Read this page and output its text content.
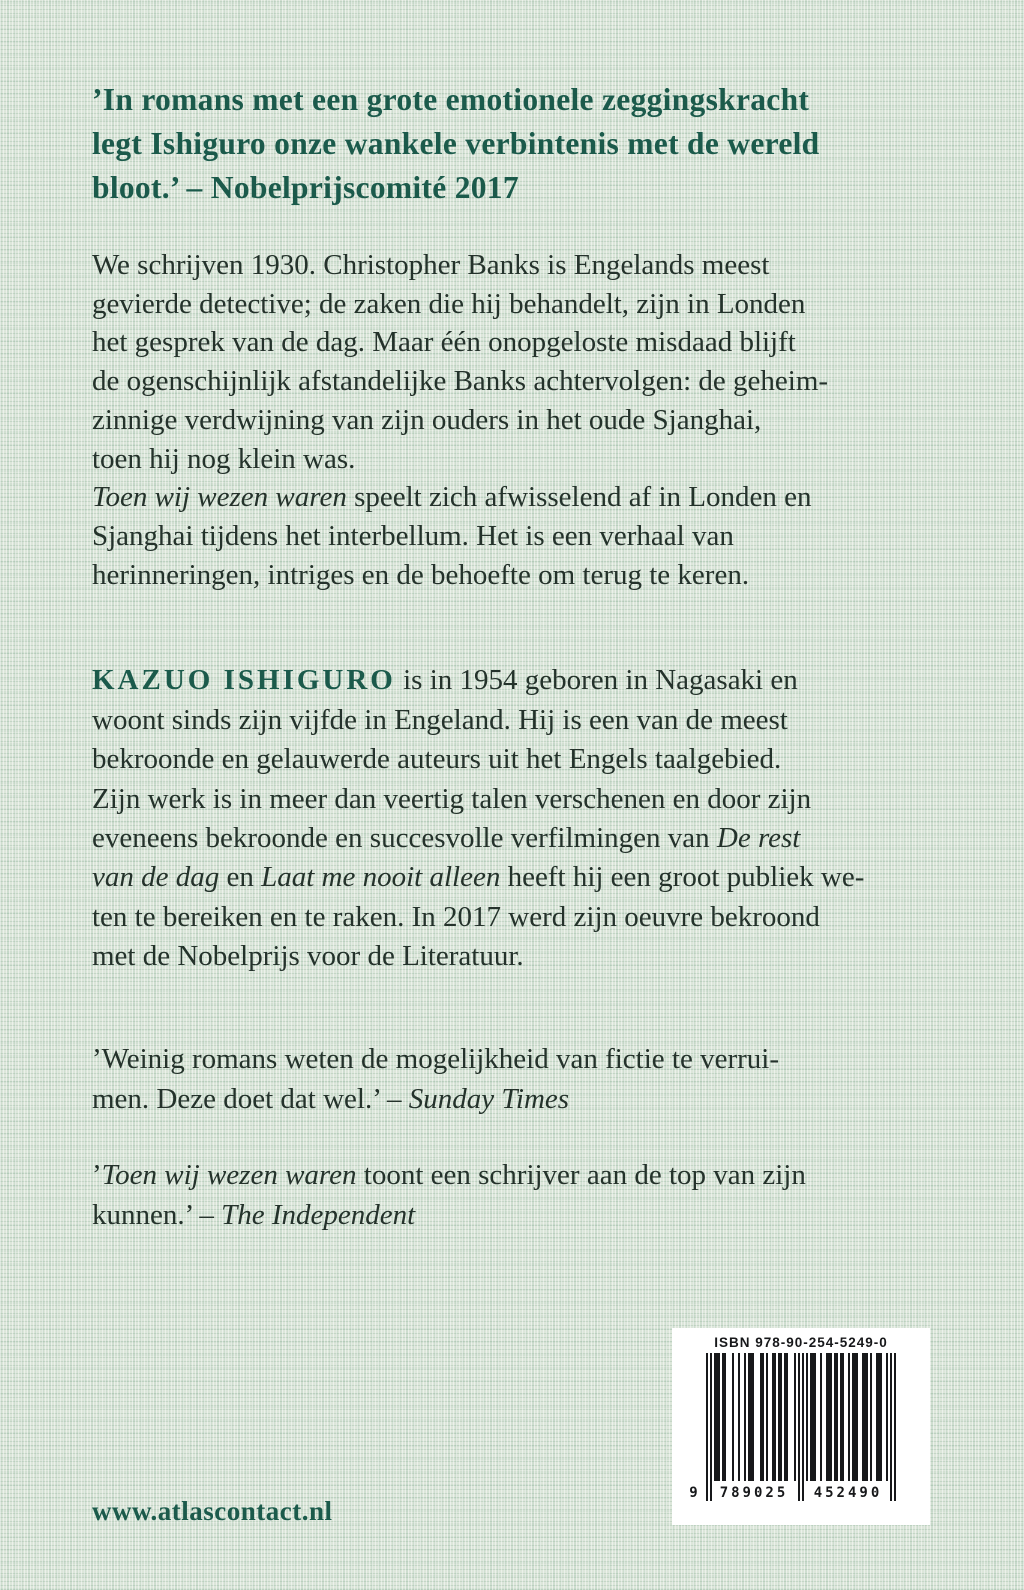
’In romans met een grote emotionele zeggingskracht
legt Ishiguro onze wankele verbintenis met de wereld
bloot.’ – Nobelprijscomité 2017

We schrijven 1930. Christopher Banks is Engelands meest
gevierde detective; de zaken die hij behandelt, zijn in Londen
het gesprek van de dag. Maar één onopgeloste misdaad blijft
de ogenschijnlijk afstandelijke Banks achtervolgen: de geheim-
zinnige verdwijning van zijn ouders in het oude Sjanghai,
toen hij nog klein was.
Toen wij wezen waren speelt zich afwisselend af in Londen en
Sjanghai tijdens het interbellum. Het is een verhaal van
herinneringen, intriges en de behoefte om terug te keren.

KAZUO ISHIGURO is in 1954 geboren in Nagasaki en
woont sinds zijn vijfde in Engeland. Hij is een van de meest
bekroonde en gelauwerde auteurs uit het Engels taalgebied.
Zijn werk is in meer dan veertig talen verschenen en door zijn
eveneens bekroonde en succesvolle verfilmingen van De rest
van de dag en Laat me nooit alleen heeft hij een groot publiek we-
ten te bereiken en te raken. In 2017 werd zijn oeuvre bekroond
met de Nobelprijs voor de Literatuur.

’Weinig romans weten de mogelijkheid van fictie te verrui-
men. Deze doet dat wel.’ – Sunday Times

’Toen wij wezen waren toont een schrijver aan de top van zijn
kunnen.’ – The Independent

www.atlascontact.nl
ISBN 978-90-254-5249-0
9	789025	452490
